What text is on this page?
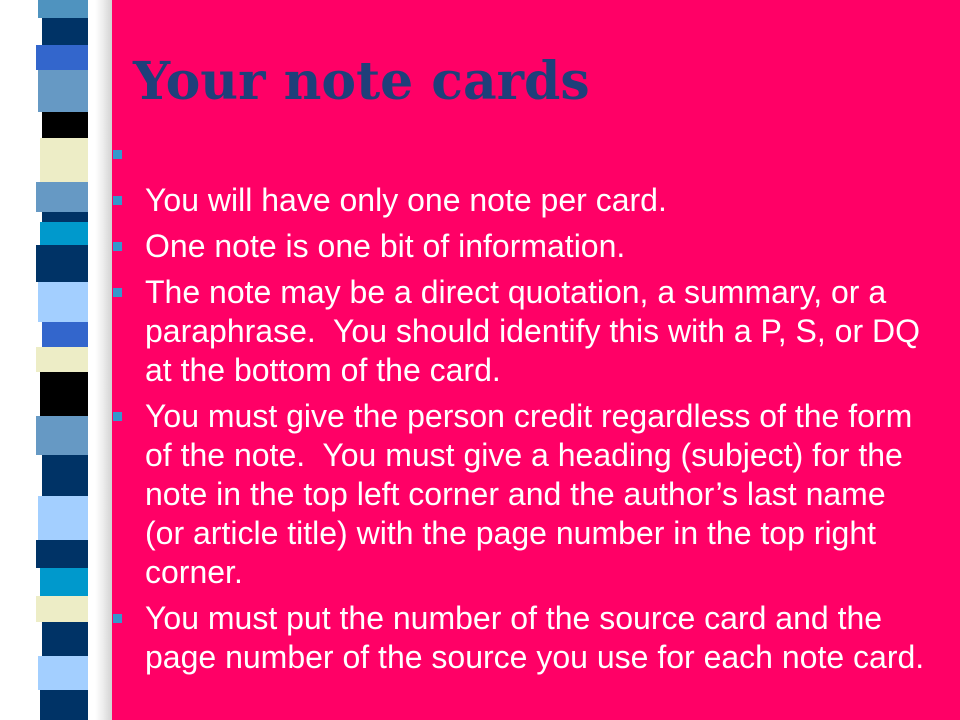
Your note cards
You will have only one note per card.
One note is one bit of information.
The note may be a direct quotation, a summary, or a
paraphrase.  You should identify this with a P, S, or DQ
at the bottom of the card.
You must give the person credit regardless of the form
of the note.  You must give a heading (subject) for the
note in the top left corner and the author’s last name
(or article title) with the page number in the top right
corner.
You must put the number of the source card and the
page number of the source you use for each note card.
